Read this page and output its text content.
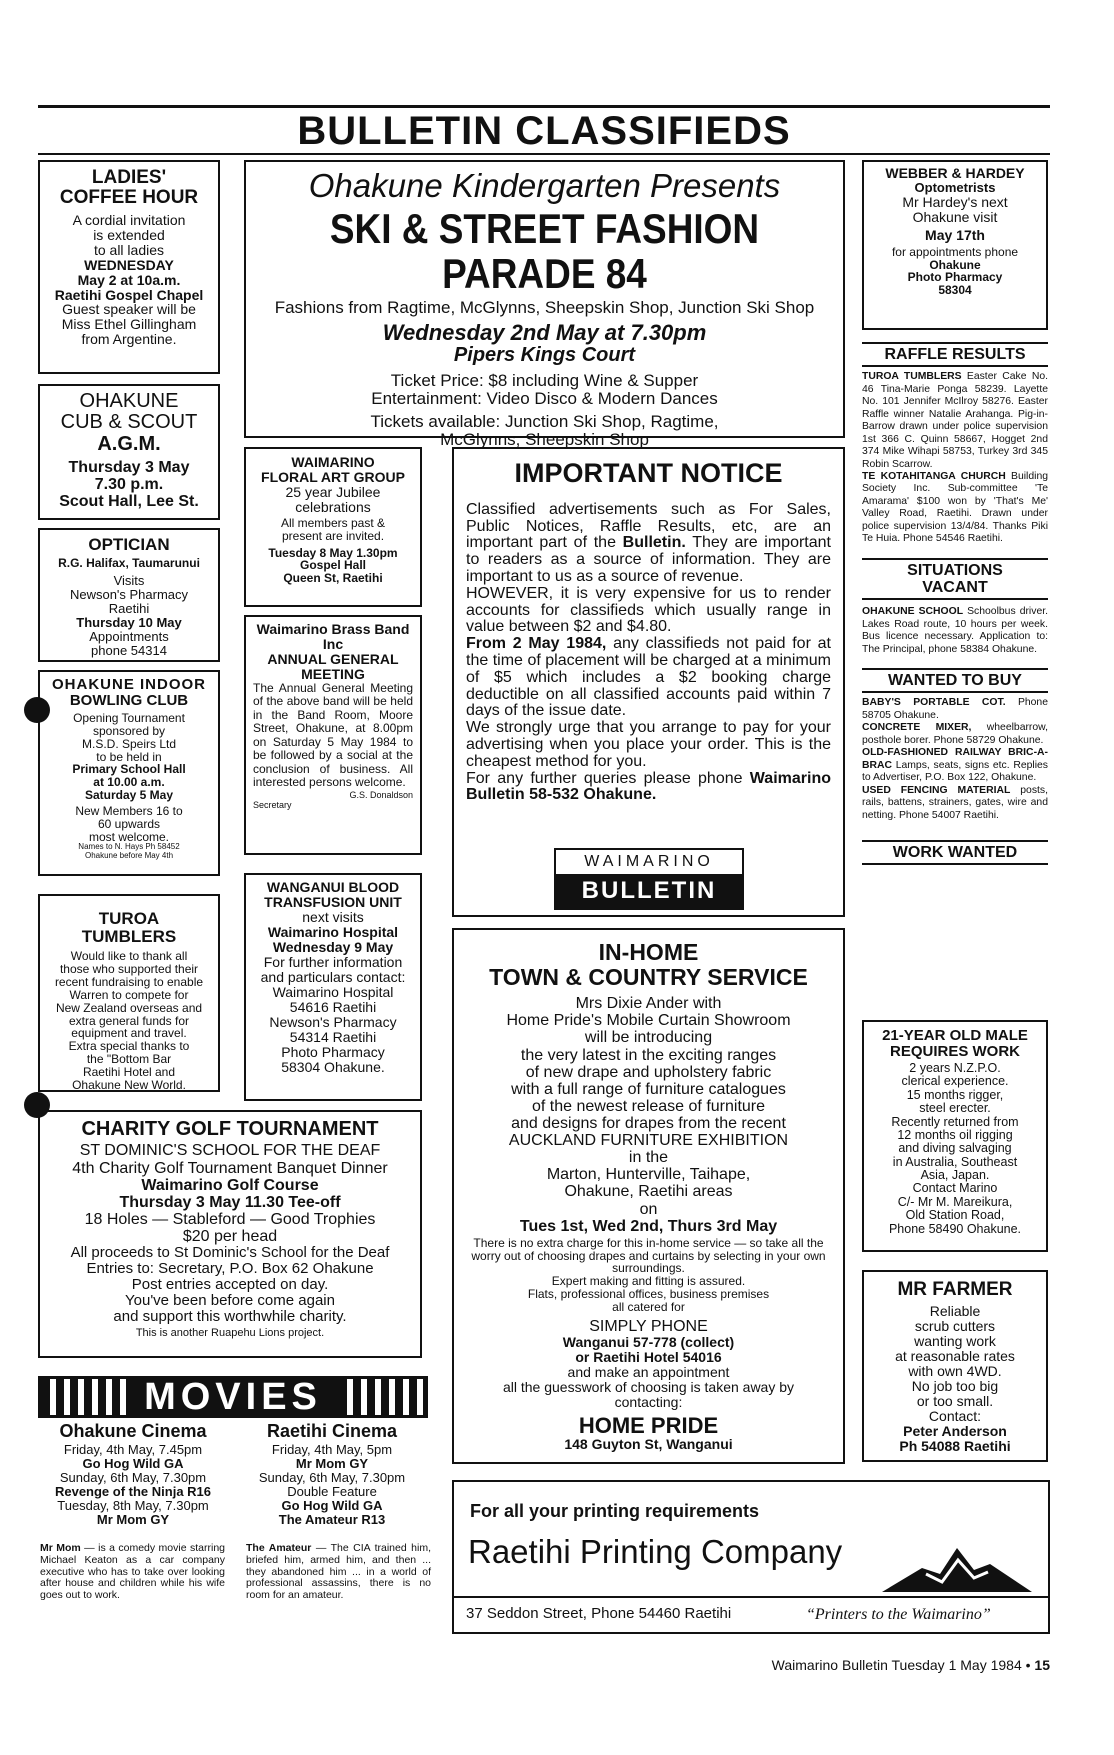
BULLETIN CLASSIFIEDS
LADIES'
COFFEE HOUR
A cordial invitation
is extended
to all ladies
WEDNESDAY
May 2 at 10a.m.
Raetihi Gospel Chapel
Guest speaker will be
Miss Ethel Gillingham
from Argentine.
OHAKUNE
CUB & SCOUT
A.G.M.
Thursday 3 May
7.30 p.m.
Scout Hall, Lee St.
OPTICIAN
R.G. Halifax, Taumarunui
Visits
Newson's Pharmacy
Raetihi
Thursday 10 May
Appointments
phone 54314
OHAKUNE INDOOR
BOWLING CLUB
Opening Tournament
sponsored by
M.S.D. Speirs Ltd
to be held in
Primary School Hall
at 10.00 a.m.
Saturday 5 May
New Members 16 to
60 upwards
most welcome.
Names to N. Hays Ph 58452
Ohakune before May 4th
TUROA
TUMBLERS
Would like to thank all
those who supported their
recent fundraising to enable
Warren to compete for
New Zealand overseas and
extra general funds for
equipment and travel.
Extra special thanks to
the "Bottom Bar
Raetihi Hotel and
Ohakune New World.
Ohakune Kindergarten Presents
SKI & STREET FASHION
PARADE 84
Fashions from Ragtime, McGlynns, Sheepskin Shop, Junction Ski Shop
Wednesday 2nd May at 7.30pm
Pipers Kings Court
Ticket Price: $8 including Wine & Supper
Entertainment: Video Disco & Modern Dances
Tickets available: Junction Ski Shop, Ragtime,
McGlynns, Sheepskin Shop
WAIMARINO
FLORAL ART GROUP
25 year Jubilee
celebrations
All members past &
present are invited.
Tuesday 8 May 1.30pm
Gospel Hall
Queen St, Raetihi
Waimarino Brass Band
Inc
ANNUAL GENERAL
MEETING
The Annual General Meeting of the above band will be held in the Band Room, Moore Street, Ohakune, at 8.00pm on Saturday 5 May 1984 to be followed by a social at the conclusion of business. All interested persons welcome.
G.S. Donaldson
Secretary
WANGANUI BLOOD
TRANSFUSION UNIT
next visits
Waimarino Hospital
Wednesday 9 May
For further information
and particulars contact:
Waimarino Hospital
54616 Raetihi
Newson's Pharmacy
54314 Raetihi
Photo Pharmacy
58304 Ohakune.
IMPORTANT NOTICE
Classified advertisements such as For Sales, Public Notices, Raffle Results, etc, are an important part of the Bulletin. They are important to readers as a source of information. They are important to us as a source of revenue.
HOWEVER, it is very expensive for us to render accounts for classifieds which usually range in value between $2 and $4.80.
From 2 May 1984, any classifieds not paid for at the time of placement will be charged at a minimum of $5 which includes a $2 booking charge deductible on all classified accounts paid within 7 days of the issue date.
We strongly urge that you arrange to pay for your advertising when you place your order. This is the cheapest method for you.
For any further queries please phone Waimarino Bulletin 58-532 Ohakune.
WAIMARINO
BULLETIN
IN-HOME
TOWN & COUNTRY SERVICE
Mrs Dixie Ander with
Home Pride's Mobile Curtain Showroom
will be introducing
the very latest in the exciting ranges
of new drape and upholstery fabric
with a full range of furniture catalogues
of the newest release of furniture
and designs for drapes from the recent
AUCKLAND FURNITURE EXHIBITION
in the
Marton, Hunterville, Taihape,
Ohakune, Raetihi areas
on
Tues 1st, Wed 2nd, Thurs 3rd May
There is no extra charge for this in-home service — so take all the worry out of choosing drapes and curtains by selecting in your own surroundings.
Expert making and fitting is assured.
Flats, professional offices, business premises
all catered for
SIMPLY PHONE
Wanganui 57-778 (collect)
or Raetihi Hotel 54016
and make an appointment
all the guesswork of choosing is taken away by
contacting:
HOME PRIDE
148 Guyton St, Wanganui
CHARITY GOLF TOURNAMENT
ST DOMINIC'S SCHOOL FOR THE DEAF
4th Charity Golf Tournament Banquet Dinner
Waimarino Golf Course
Thursday 3 May 11.30 Tee-off
18 Holes — Stableford — Good Trophies
$20 per head
All proceeds to St Dominic's School for the Deaf
Entries to: Secretary, P.O. Box 62 Ohakune
Post entries accepted on day.
You've been before come again
and support this worthwhile charity.
This is another Ruapehu Lions project.
MOVIES
Ohakune Cinema
Friday, 4th May, 7.45pm
Go Hog Wild GA
Sunday, 6th May, 7.30pm
Revenge of the Ninja R16
Tuesday, 8th May, 7.30pm
Mr Mom GY
Raetihi Cinema
Friday, 4th May, 5pm
Mr Mom GY
Sunday, 6th May, 7.30pm
Double Feature
Go Hog Wild GA
The Amateur R13
Mr Mom — is a comedy movie starring Michael Keaton as a car company executive who has to take over looking after house and children while his wife goes out to work.
The Amateur — The CIA trained him, briefed him, armed him, and then ... they abandoned him ... in a world of professional assassins, there is no room for an amateur.
For all your printing requirements
Raetihi Printing Company
37 Seddon Street, Phone 54460 Raetihi	“Printers to the Waimarino”
WEBBER & HARDEY
Optometrists
Mr Hardey's next
Ohakune visit
May 17th
for appointments phone
Ohakune
Photo Pharmacy
58304
RAFFLE RESULTS
TUROA TUMBLERS Easter Cake No. 46 Tina-Marie Ponga 58239. Layette No. 101 Jennifer McIlroy 58276. Easter Raffle winner Natalie Arahanga. Pig-in-Barrow drawn under police supervision 1st 366 C. Quinn 58667, Hogget 2nd 374 Mike Wihapi 58753, Turkey 3rd 345 Robin Scarrow.
TE KOTAHITANGA CHURCH Building Society Inc. Sub-committee 'Te Amarama' $100 won by 'That's Me' Valley Road, Raetihi. Drawn under police supervision 13/4/84. Thanks Piki Te Huia. Phone 54546 Raetihi.
SITUATIONS VACANT
OHAKUNE SCHOOL Schoolbus driver. Lakes Road route, 10 hours per week. Bus licence necessary. Application to: The Principal, phone 58384 Ohakune.
WANTED TO BUY
BABY'S PORTABLE COT. Phone 58705 Ohakune.
CONCRETE MIXER, wheelbarrow, posthole borer. Phone 58729 Ohakune.
OLD-FASHIONED RAILWAY BRIC-A-BRAC Lamps, seats, signs etc. Replies to Advertiser, P.O. Box 122, Ohakune.
USED FENCING MATERIAL posts, rails, battens, strainers, gates, wire and netting. Phone 54007 Raetihi.
WORK WANTED
21-YEAR OLD MALE
REQUIRES WORK
2 years N.Z.P.O.
clerical experience.
15 months rigger,
steel erecter.
Recently returned from
12 months oil rigging
and diving salvaging
in Australia, Southeast
Asia, Japan.
Contact Marino
C/- Mr M. Mareikura,
Old Station Road,
Phone 58490 Ohakune.
MR FARMER
Reliable
scrub cutters
wanting work
at reasonable rates
with own 4WD.
No job too big
or too small.
Contact:
Peter Anderson
Ph 54088 Raetihi
Waimarino Bulletin Tuesday 1 May 1984 • 15
